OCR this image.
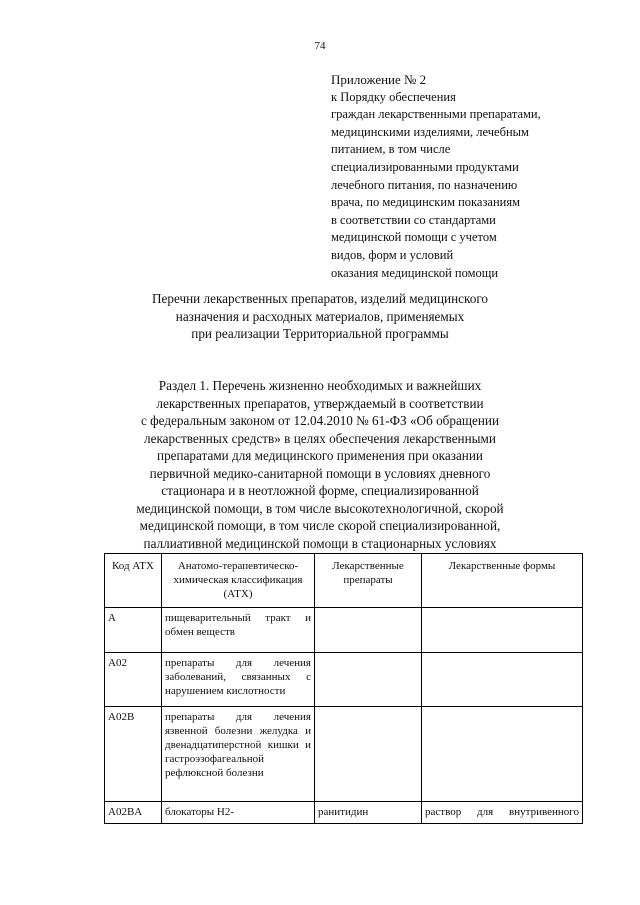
74
Приложение № 2
к Порядку обеспечения
граждан лекарственными препаратами,
медицинскими изделиями, лечебным
питанием, в том числе
специализированными продуктами
лечебного питания, по назначению
врача, по медицинским показаниям
в соответствии со стандартами
медицинской помощи с учетом
видов, форм и условий
оказания медицинской помощи
Перечни лекарственных препаратов, изделий медицинского
назначения и расходных материалов, применяемых
при реализации Территориальной программы
Раздел 1. Перечень жизненно необходимых и важнейших
лекарственных препаратов, утверждаемый в соответствии
с федеральным законом от 12.04.2010 № 61-ФЗ «Об обращении
лекарственных средств» в целях обеспечения лекарственными
препаратами для медицинского применения при оказании
первичной медико-санитарной помощи в условиях дневного
стационара и в неотложной форме, специализированной
медицинской помощи, в том числе высокотехнологичной, скорой
медицинской помощи, в том числе скорой специализированной,
паллиативной медицинской помощи в стационарных условиях
Код АТХ	Анатомо-терапевтическо-химическая классификация (АТХ)	Лекарственные препараты	Лекарственные формы
A	пищеварительный тракт и обмен веществ		
A02	препараты для лечения заболеваний, связанных с нарушением кислотности		
A02B	препараты для лечения язвенной болезни желудка и двенадцатиперстной кишки и гастроэзофагеальной рефлюксной болезни		
A02BA	блокаторы H2-	ранитидин	раствор для внутривенного
